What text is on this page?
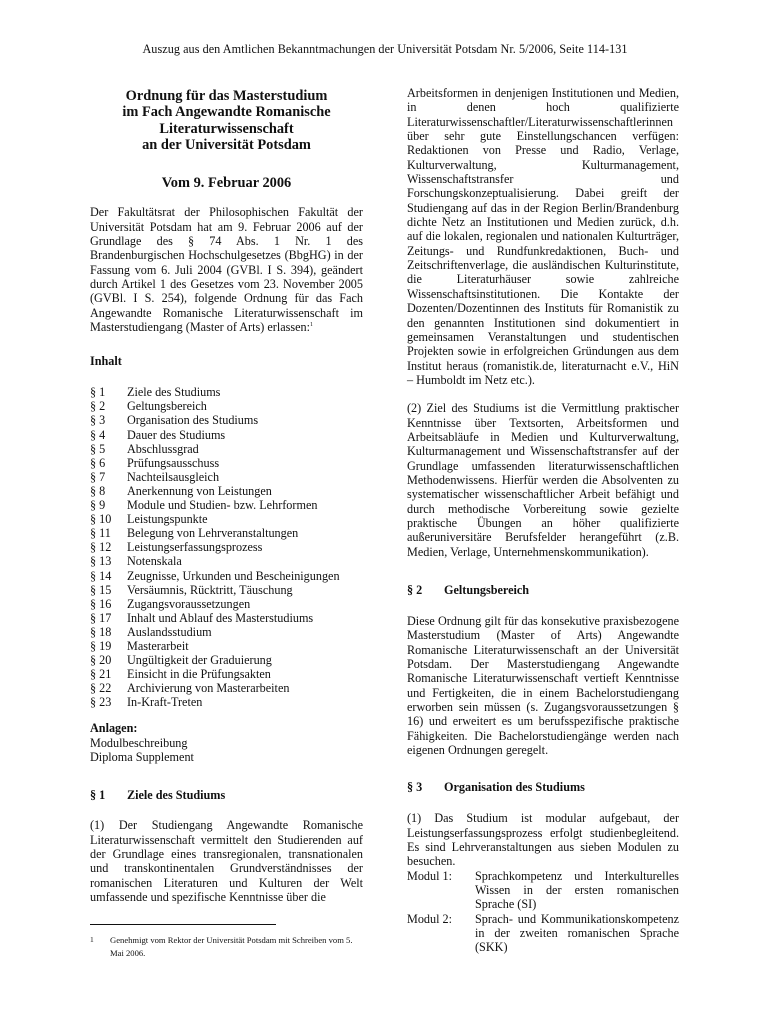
Auszug aus den Amtlichen Bekanntmachungen der Universität Potsdam Nr. 5/2006, Seite 114-131
Ordnung für das Masterstudium
im Fach Angewandte Romanische
Literaturwissenschaft
an der Universität Potsdam
Vom 9. Februar 2006

Der Fakultätsrat der Philosophischen Fakultät der Universität Potsdam hat am 9. Februar 2006 auf der Grundlage des § 74 Abs. 1 Nr. 1 des Brandenburgischen Hochschulgesetzes (BbgHG) in der Fassung vom 6. Juli 2004 (GVBl. I S. 394), geändert durch Artikel 1 des Gesetzes vom 23. November 2005 (GVBl. I S. 254), folgende Ordnung für das Fach Angewandte Romanische Literaturwissenschaft im Masterstudiengang (Master of Arts) erlassen:$^1$

Inhalt
§ 1	Ziele des Studiums
§ 2	Geltungsbereich
§ 3	Organisation des Studiums
§ 4	Dauer des Studiums
§ 5	Abschlussgrad
§ 6	Prüfungsausschuss
§ 7	Nachteilsausgleich
§ 8	Anerkennung von Leistungen
§ 9	Module und Studien- bzw. Lehrformen
§ 10	Leistungspunkte
§ 11	Belegung von Lehrveranstaltungen
§ 12	Leistungserfassungsprozess
§ 13	Notenskala
§ 14	Zeugnisse, Urkunden und Bescheinigungen
§ 15	Versäumnis, Rücktritt, Täuschung
§ 16	Zugangsvoraussetzungen
§ 17	Inhalt und Ablauf des Masterstudiums
§ 18	Auslandsstudium
§ 19	Masterarbeit
§ 20	Ungültigkeit der Graduierung
§ 21	Einsicht in die Prüfungsakten
§ 22	Archivierung von Masterarbeiten
§ 23	In-Kraft-Treten
Anlagen:
Modulbeschreibung
Diploma Supplement
§ 1	Ziele des Studiums

(1) Der Studiengang Angewandte Romanische Literaturwissenschaft vermittelt den Studierenden auf der Grundlage eines transregionalen, transnationalen und transkontinentalen Grundverständnisses der romanischen Literaturen und Kulturen der Welt umfassende und spezifische Kenntnisse über die

1	Genehmigt vom Rektor der Universität Potsdam mit Schreiben vom 5. Mai 2006.

Arbeitsformen in denjenigen Institutionen und Medien, in denen hoch qualifizierte Literaturwissenschaftler/Literaturwissenschaftlerinnen über sehr gute Einstellungschancen verfügen: Redaktionen von Presse und Radio, Verlage, Kulturverwaltung, Kulturmanagement, Wissenschaftstransfer und Forschungskonzeptualisierung. Dabei greift der Studiengang auf das in der Region Berlin/Brandenburg dichte Netz an Institutionen und Medien zurück, d.h. auf die lokalen, regionalen und nationalen Kulturträger, Zeitungs- und Rundfunkredaktionen, Buch- und Zeitschriftenverlage, die ausländischen Kulturinstitute, die Literaturhäuser sowie zahlreiche Wissenschaftsinstitutionen. Die Kontakte der Dozenten/Dozentinnen des Instituts für Romanistik zu den genannten Institutionen sind dokumentiert in gemeinsamen Veranstaltungen und studentischen Projekten sowie in erfolgreichen Gründungen aus dem Institut heraus (romanistik.de, literaturnacht e.V., HiN – Humboldt im Netz etc.).

(2) Ziel des Studiums ist die Vermittlung praktischer Kenntnisse über Textsorten, Arbeitsformen und Arbeitsabläufe in Medien und Kulturverwaltung, Kulturmanagement und Wissenschaftstransfer auf der Grundlage umfassenden literaturwissenschaftlichen Methodenwissens. Hierfür werden die Absolventen zu systematischer wissenschaftlicher Arbeit befähigt und durch methodische Vorbereitung sowie gezielte praktische Übungen an höher qualifizierte außeruniversitäre Berufsfelder herangeführt (z.B. Medien, Verlage, Unternehmenskommunikation).

§ 2	Geltungsbereich

Diese Ordnung gilt für das konsekutive praxisbezogene Masterstudium (Master of Arts) Angewandte Romanische Literaturwissenschaft an der Universität Potsdam. Der Masterstudiengang Angewandte Romanische Literaturwissenschaft vertieft Kenntnisse und Fertigkeiten, die in einem Bachelorstudiengang erworben sein müssen (s. Zugangsvoraussetzungen § 16) und erweitert es um berufsspezifische praktische Fähigkeiten. Die Bachelorstudiengänge werden nach eigenen Ordnungen geregelt.

§ 3	Organisation des Studiums

(1) Das Studium ist modular aufgebaut, der Leistungserfassungsprozess erfolgt studienbegleitend. Es sind Lehrveranstaltungen aus sieben Modulen zu besuchen.

Modul 1:	Sprachkompetenz und Interkulturelles Wissen in der ersten romanischen Sprache (SI)
Modul 2:	Sprach- und Kommunikationskompetenz in der zweiten romanischen Sprache (SKK)
